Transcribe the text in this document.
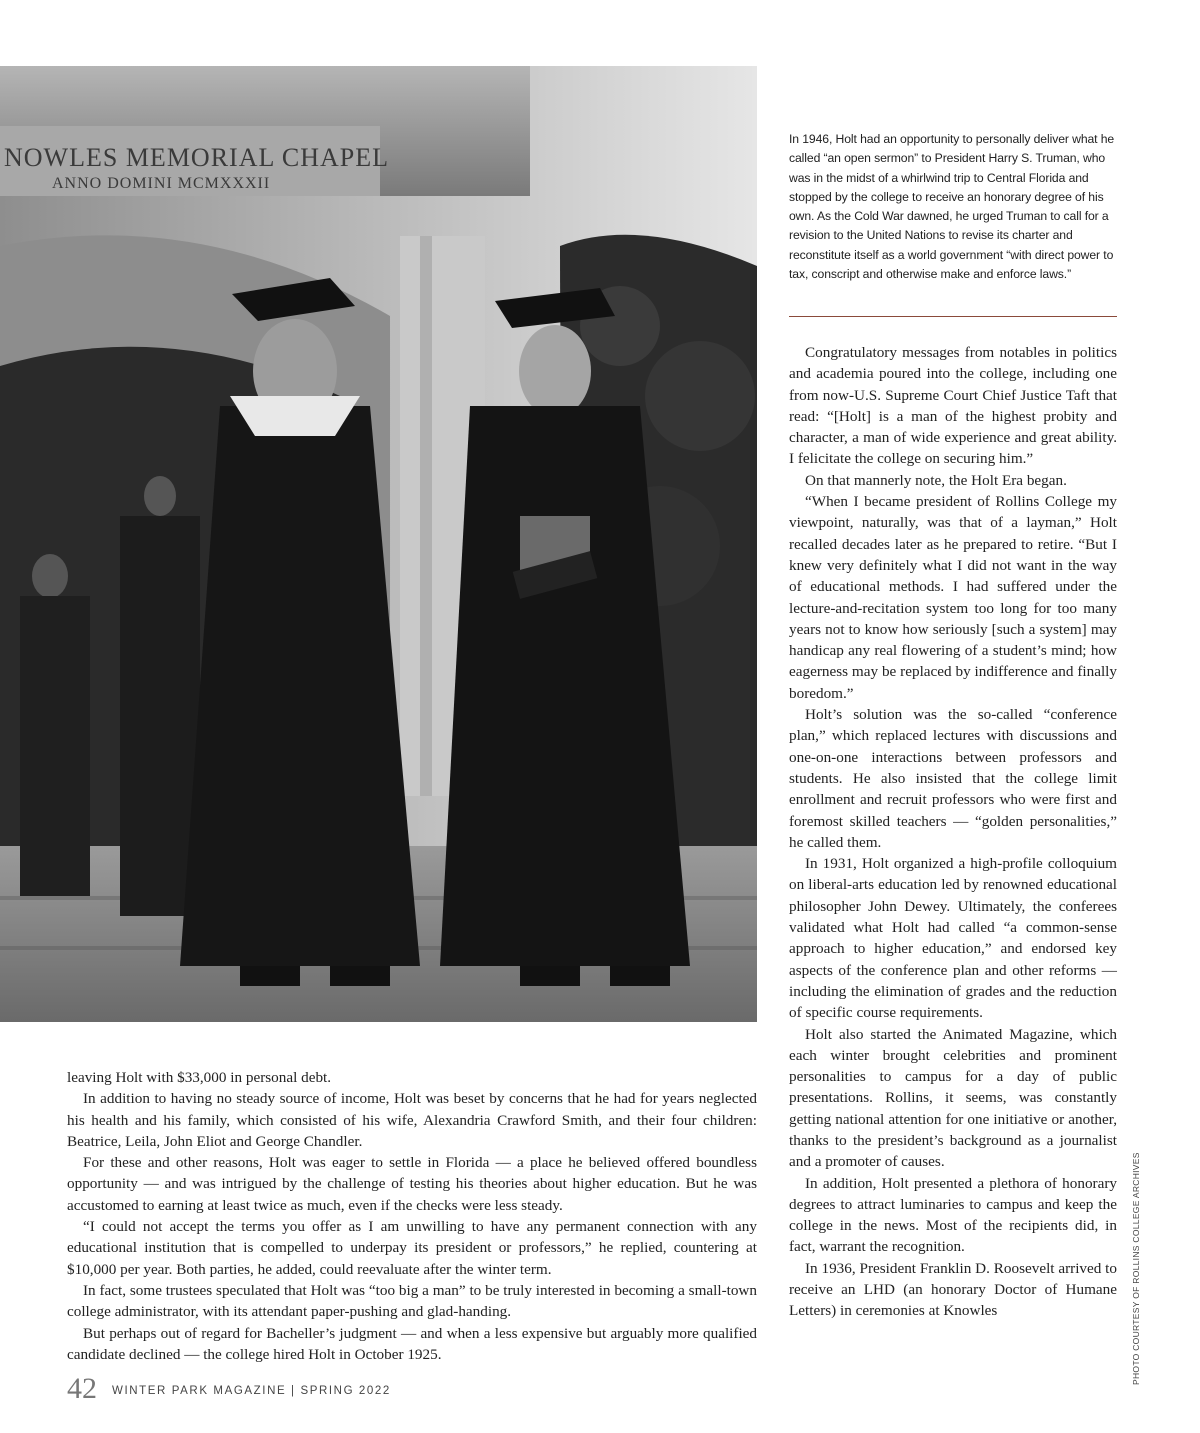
NOWLES MEMORIAL CHAPEL
ANNO DOMINI MCMXXXII

In 1946, Holt had an opportunity to personally deliver what he called “an open sermon” to President Harry S. Truman, who was in the midst of a whirlwind trip to Central Florida and stopped by the college to receive an honorary degree of his own. As the Cold War dawned, he urged Truman to call for a revision to the United Nations to revise its charter and reconstitute itself as a world government “with direct power to tax, conscript and otherwise make and enforce laws.”

Congratulatory messages from notables in politics and academia poured into the college, including one from now-U.S. Supreme Court Chief Justice Taft that read: “[Holt] is a man of the highest probity and character, a man of wide experience and great ability. I felicitate the college on securing him.”

On that mannerly note, the Holt Era began.

“When I became president of Rollins College my viewpoint, naturally, was that of a layman,” Holt recalled decades later as he prepared to retire. “But I knew very definitely what I did not want in the way of educational methods. I had suffered under the lecture-and-recitation system too long for too many years not to know how seriously [such a system] may handicap any real flowering of a student’s mind; how eagerness may be replaced by indifference and finally boredom.”

Holt’s solution was the so-called “conference plan,” which replaced lectures with discussions and one-on-one interactions between professors and students. He also insisted that the college limit enrollment and recruit professors who were first and foremost skilled teachers — “golden personalities,” he called them.

In 1931, Holt organized a high-profile colloquium on liberal-arts education led by renowned educational philosopher John Dewey. Ultimately, the conferees validated what Holt had called “a common-sense approach to higher education,” and endorsed key aspects of the conference plan and other reforms — including the elimination of grades and the reduction of specific course requirements.

Holt also started the Animated Magazine, which each winter brought celebrities and prominent personalities to campus for a day of public presentations. Rollins, it seems, was constantly getting national attention for one initiative or another, thanks to the president’s background as a journalist and a promoter of causes.

In addition, Holt presented a plethora of honorary degrees to attract luminaries to campus and keep the college in the news. Most of the recipients did, in fact, warrant the recognition.

In 1936, President Franklin D. Roosevelt arrived to receive an LHD (an honorary Doctor of Humane Letters) in ceremonies at Knowles

leaving Holt with $33,000 in personal debt.

In addition to having no steady source of income, Holt was beset by concerns that he had for years neglected his health and his family, which consisted of his wife, Alexandria Crawford Smith, and their four children: Beatrice, Leila, John Eliot and George Chandler.

For these and other reasons, Holt was eager to settle in Florida — a place he believed offered boundless opportunity — and was intrigued by the challenge of testing his theories about higher education. But he was accustomed to earning at least twice as much, even if the checks were less steady.

“I could not accept the terms you offer as I am unwilling to have any permanent connection with any educational institution that is compelled to underpay its president or professors,” he replied, countering at $10,000 per year. Both parties, he added, could reevaluate after the winter term.

In fact, some trustees speculated that Holt was “too big a man” to be truly interested in becoming a small-town college administrator, with its attendant paper-pushing and glad-handing.

But perhaps out of regard for Bacheller’s judgment — and when a less expensive but arguably more qualified candidate declined — the college hired Holt in October 1925.

42 WINTER PARK MAGAZINE | SPRING 2022
PHOTO COURTESY OF ROLLINS COLLEGE ARCHIVES
